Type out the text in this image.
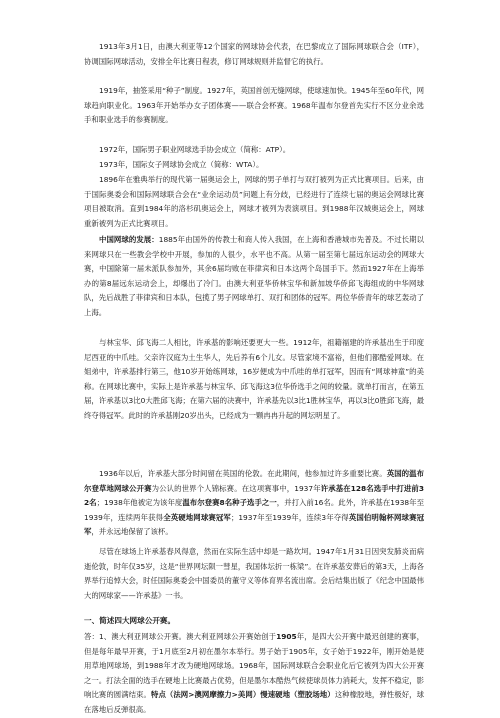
1913年3月1日，由澳大利亚等12个国家的网球协会代表，在巴黎成立了国际网球联合会（ITF），协调国际网球活动，安排全年比赛日程表，修订网球规则并监督它的执行。
1919年，抽签采用“种子”制度。1927年，英国首创无缝网球，使球速加快。1945年至60年代，网球趋向职业化。1963年开始举办女子团体赛——联合会杯赛。1968年温布尔登首先实行不区分业余选手和职业选手的参赛制度。
1972年，国际男子职业网球选手协会成立（简称：ATP）。
1973年，国际女子网球协会成立（简称：WTA）。
1896年在雅典举行的现代第一届奥运会上，网球的男子单打与双打被列为正式比赛项目。后来，由于国际奥委会和国际网球联合会在“业余运动员”问题上有分歧，已经进行了连续七届的奥运会网球比赛项目被取消。直到1984年的洛杉矶奥运会上，网球才被列为表演项目。到1988年汉城奥运会上，网球重新被列为正式比赛项目。
中国网球的发展：1885年由国外的传教士和商人传入我国，在上海和香港城市先普及。不过长期以来网球只在一些教会学校中开展，参加的人很少，水平也不高。从第一届至第七届远东运动会的网球大赛，中国除第一届未派队参加外，其余6届均败在菲律宾和日本这两个岛国手下。然而1927年在上海举办的第8届远东运动会上，却爆出了冷门。由澳大利亚华侨林宝华和新加坡华侨邱飞海组成的中华网球队，先后战胜了菲律宾和日本队，包揽了男子网球单打、双打和团体的冠军。两位华侨青年的球艺轰动了上海。
与林宝华、邱飞海二人相比，许承基的影响还要更大一些。1912年，祖籍福建的许承基出生于印度尼西亚的中爪哇。父亲许汉庭为土生华人，先后养有6个儿女。尽管家境不富裕，但他们都酷爱网球。在姐弟中，许承基排行第三，他10岁开始练网球，16岁便成为中爪哇的单打冠军，因而有“网球神童”的美称。在网球比赛中，实际上是许承基与林宝华、邱飞海这3位华侨选手之间的较量。就单打而言，在第五届，许承基以3比0大胜邱飞海；在第六届的决赛中，许承基先以3比1胜林宝华，再以3比0胜邱飞海，最终夺得冠军。此时的许承基刚20岁出头，已经成为一颗冉冉升起的网坛明星了。
1936年以后，许承基大部分时间留在英国的伦敦。在此期间，他参加过许多重要比赛。英国的温布尔登草地网球公开赛为公认的世界个人锦标赛。在这项赛事中，1937年许承基在128名选手中打进前32名；1938年他被定为该年度温布尔登赛8名种子选手之一，并打入前16名。此外，许承基在1938年至1939年，连续两年获得全英硬地网球赛冠军；1937年至1939年，连续3年夺得英国伯明翰杯网球赛冠军，并永远地保留了该杯。
尽管在球场上许承基春风得意，然而在实际生活中却是一路坎坷。1947年1月31日因突发肺炎而病逝伦敦，时年仅35岁，这是“世界网坛陨一彗星，我国体坛折一栋梁”。在许承基安葬后的第3天，上海各界举行追悼大会，时任国际奥委会中国委员的董守义等体育界名流出席。会后结集出版了《纪念中国最伟大的网球家——许承基》一书。
一、简述四大网球公开赛。
答：1、澳大利亚网球公开赛。澳大利亚网球公开赛始创于1905年，是四大公开赛中最迟创建的赛事，但是每年最早开赛，于1月底至2月初在墨尔本举行。男子始于1905年，女子始于1922年，刚开始是使用草地网球场，到1988年才改为硬地网球场。1968年，国际网球联合会职业化后它被列为四大公开赛之一。打法全面的选手在硬地上比赛最占优势，但是墨尔本酷热气候使球员体力消耗大，发挥不稳定，影响比赛的圆满结束。特点（法网>澳网摩擦力>美网）慢速硬地（塑胶场地）这种橡胶地，弹性极好，球在落地后反弹很高。
